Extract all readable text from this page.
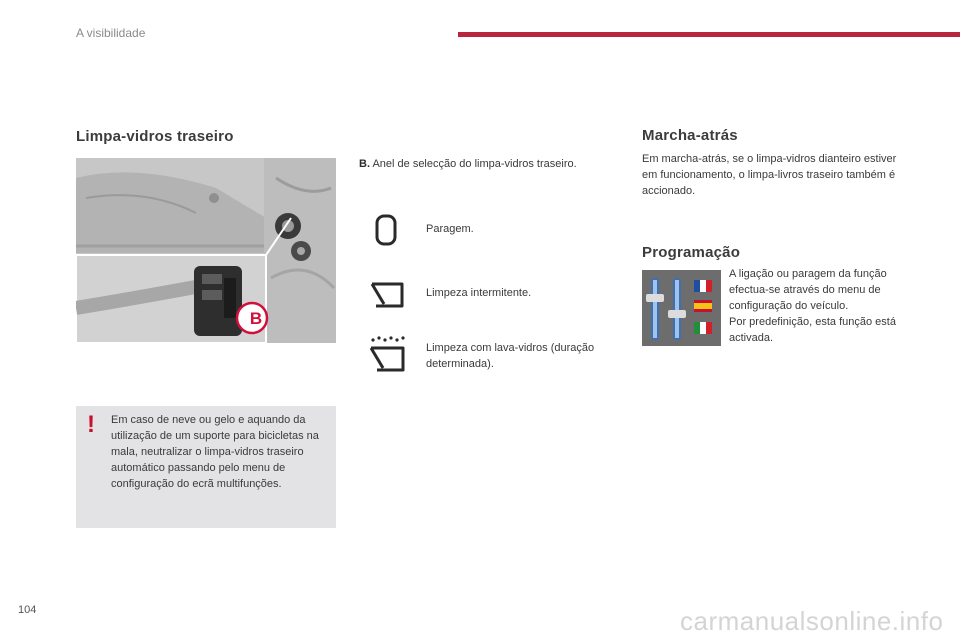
A visibilidade
Limpa-vidros traseiro
B
B. Anel de selecção do limpa-vidros traseiro.
Paragem.
Limpeza intermitente.
Limpeza com lava-vidros (duração determinada).
! Em caso de neve ou gelo e aquando da utilização de um suporte para bicicletas na mala, neutralizar o limpa-vidros traseiro automático passando pelo menu de configuração do ecrã multifunções.
Marcha-atrás
Em marcha-atrás, se o limpa-vidros dianteiro estiver em funcionamento, o limpa-livros traseiro também é accionado.
Programação
A ligação ou paragem da função efectua-se através do menu de configuração do veículo.
Por predefinição, esta função está activada.
104	carmanualsonline.info
